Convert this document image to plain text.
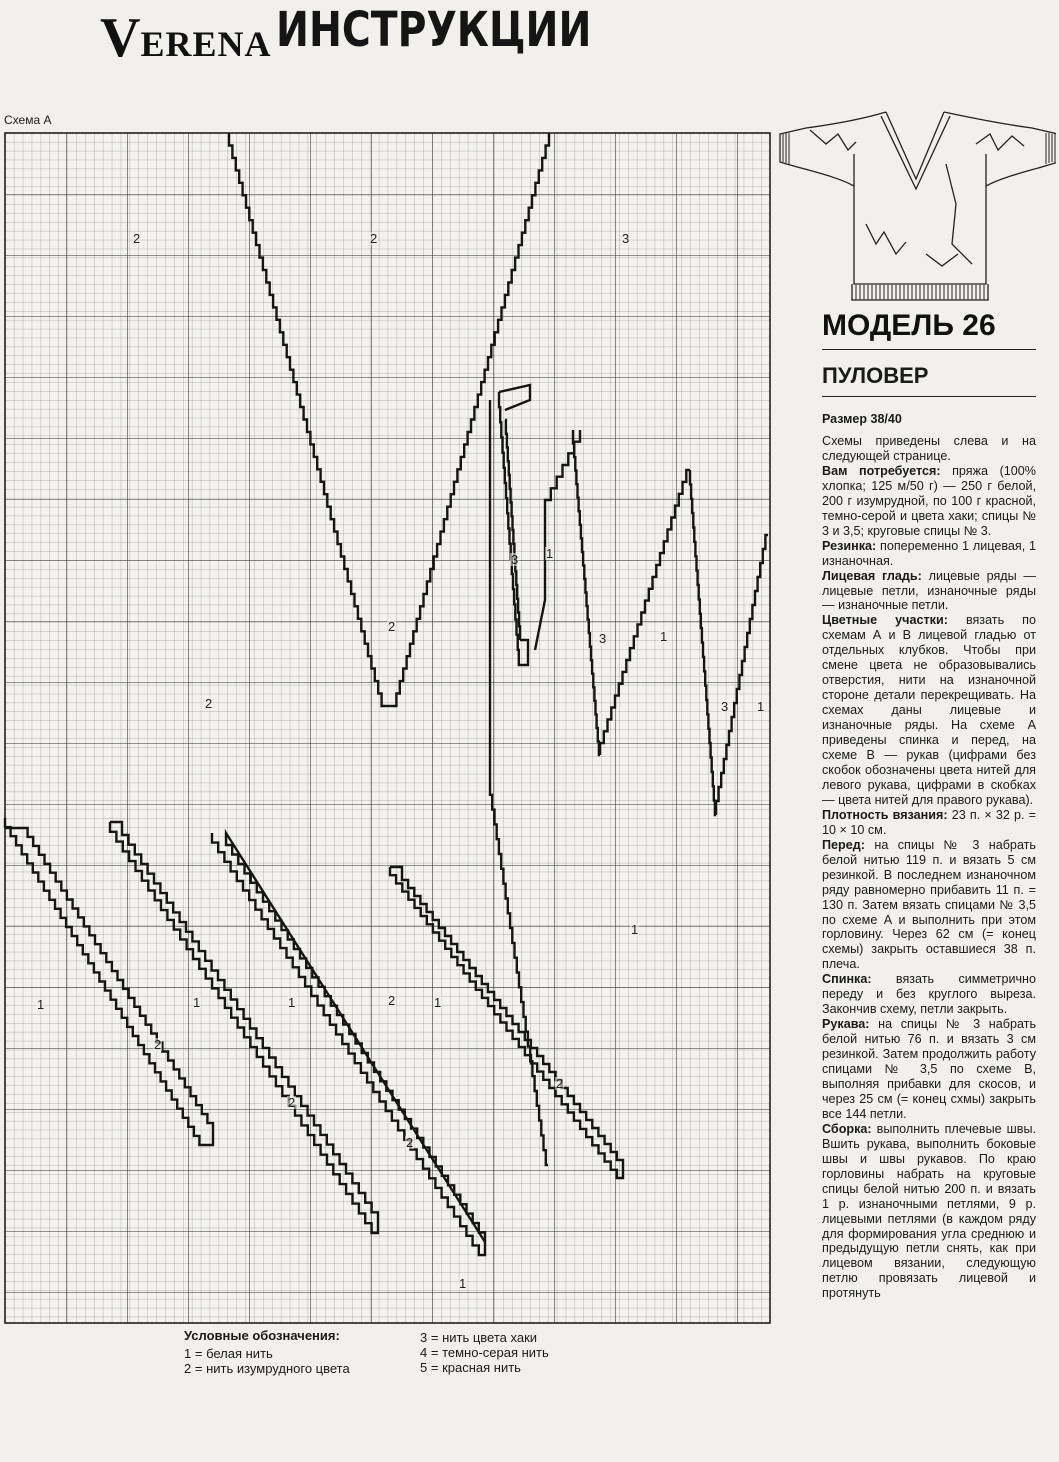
VERENA ИНСТРУКЦИИ
Схема А
2	2	3
2
2
3 1
3	1
3 1
1
2
1	1	1
2
2
2
1
2
1
Условные обозначения:
1 = белая нить
2 = нить изумрудного цвета
3 = нить цвета хаки
4 = темно-серая нить
5 = красная нить
МОДЕЛЬ 26
ПУЛОВЕР
Размер 38/40

Схемы приведены слева и на следующей странице.

Вам потребуется: пряжа (100% хлопка; 125 м/50 г) — 250 г белой, 200 г изумрудной, по 100 г красной, темно-серой и цвета хаки; спицы № 3 и 3,5; круговые спицы № 3.

Резинка: попеременно 1 лицевая, 1 изнаночная.

Лицевая гладь: лицевые ряды — лицевые петли, изнаночные ряды — изнаночные петли.

Цветные участки: вязать по схемам А и В лицевой гладью от отдельных клубков. Чтобы при смене цвета не образовывались отверстия, нити на изнаночной стороне детали перекрещивать. На схемах даны лицевые и изнаночные ряды. На схеме А приведены спинка и перед, на схеме В — рукав (цифрами без скобок обозначены цвета нитей для левого рукава, цифрами в скобках — цвета нитей для правого рукава).

Плотность вязания: 23 п. × 32 р. = 10 × 10 см.

Перед: на спицы № 3 набрать белой нитью 119 п. и вязать 5 см резинкой. В последнем изнаночном ряду равномерно прибавить 11 п. = 130 п. Затем вязать спицами № 3,5 по схеме А и выполнить при этом горловину. Через 62 см (= конец схемы) закрыть оставшиеся 38 п. плеча.

Спинка: вязать симметрично переду и без круглого выреза. Закончив схему, петли закрыть.

Рукава: на спицы № 3 набрать белой нитью 76 п. и вязать 3 см резинкой. Затем продолжить работу спицами № 3,5 по схеме В, выполняя прибавки для скосов, и через 25 см (= конец схмы) закрыть все 144 петли.

Сборка: выполнить плечевые швы. Вшить рукава, выполнить боковые швы и швы рукавов. По краю горловины набрать на круговые спицы белой нитью 200 п. и вязать 1 р. изнаночными петлями, 9 р. лицевыми петлями (в каждом ряду для формирования угла среднюю и предыдущую петли снять, как при лицевом вязании, следующую петлю провязать лицевой и протянуть
